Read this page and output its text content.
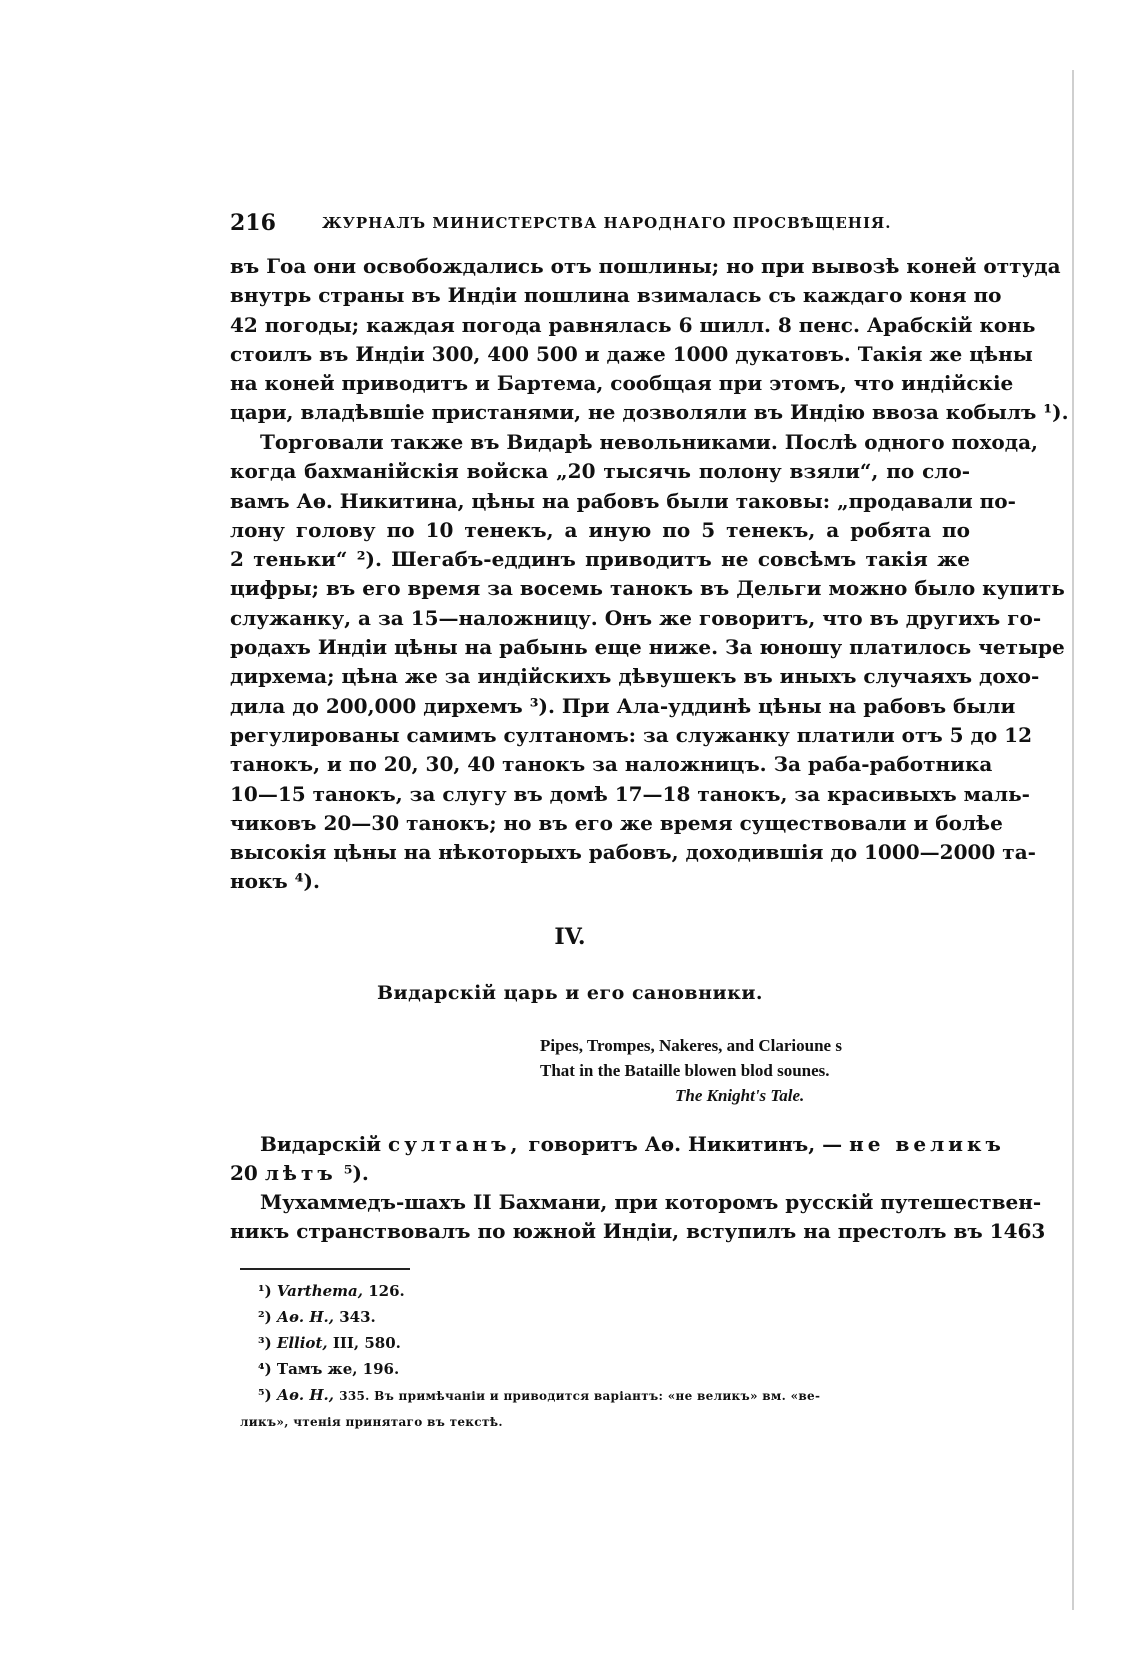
216	ЖУРНАЛЪ МИНИСТЕРСТВА НАРОДНАГО ПРОСВѢЩЕНІЯ.
въ Гоа они освобождались отъ пошлины; но при вывозѣ коней оттуда
внутрь страны въ Индіи пошлина взималась съ каждаго коня по
42 погоды; каждая погода равнялась 6 шилл. 8 пенс. Арабскій конь
стоилъ въ Индіи 300, 400 500 и даже 1000 дукатовъ. Такія же цѣны
на коней приводитъ и Бартема, сообщая при этомъ, что индійскіе
цари, владѣвшіе пристанями, не дозволяли въ Индію ввоза кобылъ ¹).
Торговали также въ Видарѣ невольниками. Послѣ одного похода,
когда бахманійскія войска „20 тысячь полону взяли“, по сло-
вамъ Аѳ. Никитина, цѣны на рабовъ были таковы: „продавали по-
лону голову по 10 тенекъ, а иную по 5 тенекъ, а робята по
2 теньки“ ²). Шегабъ-еддинъ приводитъ не совсѣмъ такія же
цифры; въ его время за восемь танокъ въ Дельги можно было купить
служанку, а за 15—наложницу. Онъ же говоритъ, что въ другихъ го-
родахъ Индіи цѣны на рабынь еще ниже. За юношу платилось четыре
дирхема; цѣна же за индійскихъ дѣвушекъ въ иныхъ случаяхъ дохо-
дила до 200,000 дирхемъ ³). При Ала-уддинѣ цѣны на рабовъ были
регулированы самимъ султаномъ: за служанку платили отъ 5 до 12
танокъ, и по 20, 30, 40 танокъ за наложницъ. За раба-работника
10—15 танокъ, за слугу въ домѣ 17—18 танокъ, за красивыхъ маль-
чиковъ 20—30 танокъ; но въ его же время существовали и болѣе
высокія цѣны на нѣкоторыхъ рабовъ, доходившія до 1000—2000 та-
нокъ ⁴).
IV.
Видарскій царь и его сановники.
Pipes, Trompes, Nakeres, and Clarioune s
That in the Bataille blowen blod sounes.
The Knight's Tale.
Видарскій султанъ, говоритъ Аѳ. Никитинъ, — не великъ
20 лѣтъ ⁵).
Мухаммедъ-шахъ II Бахмани, при которомъ русскій путешествен-
никъ странствовалъ по южной Индіи, вступилъ на престолъ въ 1463
¹) Varthema, 126.
²) Аѳ. Н., 343.
³) Elliot, III, 580.
⁴) Тамъ же, 196.
⁵) Аѳ. Н., 335. Въ примѣчаніи и приводится варіантъ: «не великъ» вм. «ве-
ликъ», чтенія принятаго въ текстѣ.
